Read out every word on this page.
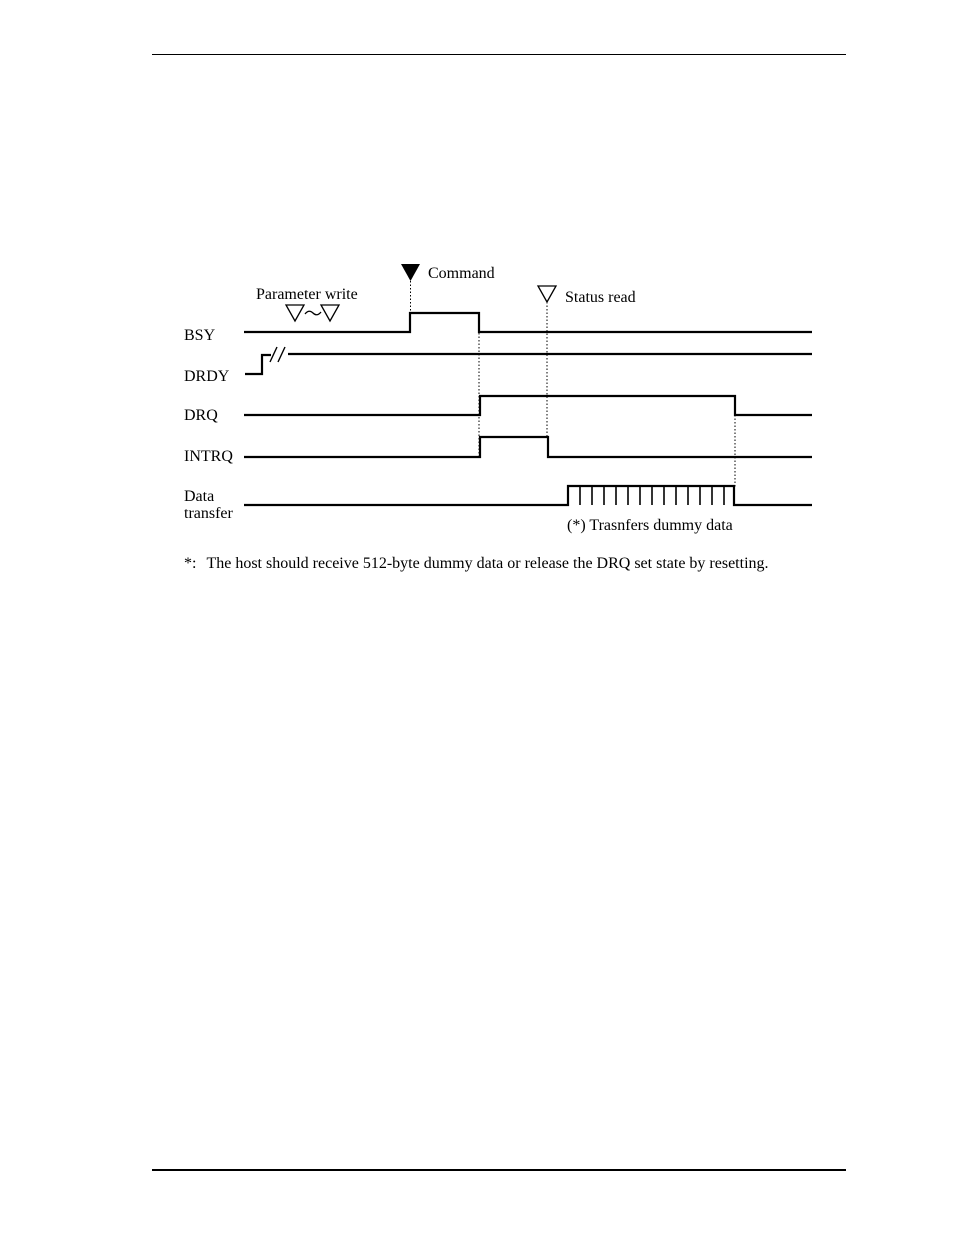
Parameter write
Command
Status read
BSY
DRDY
DRQ
INTRQ
Data
transfer
(*) Trasnfers dummy data
*: The host should receive 512-byte dummy data or release the DRQ set state by resetting.
